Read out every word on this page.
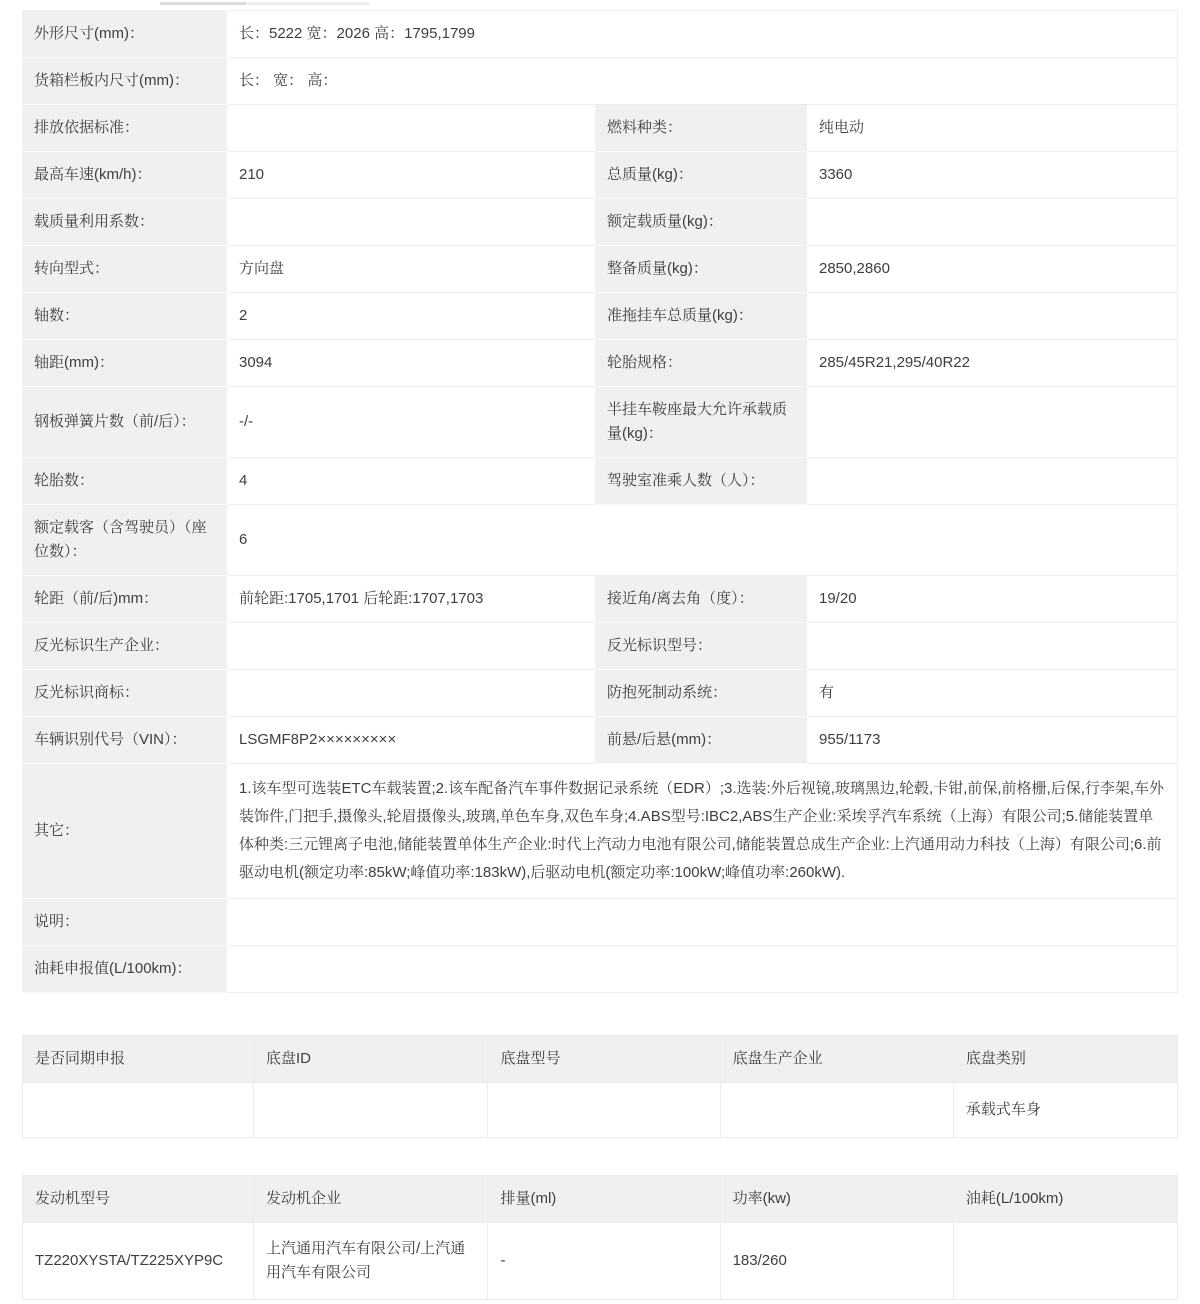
外形尺寸(mm)：	长：5222 宽：2026 高：1795,1799		
货箱栏板内尺寸(mm)：	长： 宽： 高：		
排放依据标准：		燃料种类：	纯电动
最高车速(km/h)：	210	总质量(kg)：	3360
载质量利用系数：		额定载质量(kg)：	
转向型式：	方向盘	整备质量(kg)：	2850,2860
轴数：	2	准拖挂车总质量(kg)：	
轴距(mm)：	3094	轮胎规格：	285/45R21,295/40R22
钢板弹簧片数（前/后）：	-/-	半挂车鞍座最大允许承载质量(kg)：	
轮胎数：	4	驾驶室准乘人数（人）：	
额定载客（含驾驶员）（座位数）：	6		
轮距（前/后)mm：	前轮距:1705,1701 后轮距:1707,1703	接近角/离去角（度）：	19/20
反光标识生产企业：		反光标识型号：	
反光标识商标：		防抱死制动系统：	有
车辆识别代号（VIN）：	LSGMF8P2×××××××××	前悬/后悬(mm)：	955/1173
其它：	1.该车型可选装ETC车载装置;2.该车配备汽车事件数据记录系统（EDR）;3.选装:外后视镜,玻璃黑边,轮毂,卡钳,前保,前格栅,后保,行李架,车外装饰件,门把手,摄像头,轮眉摄像头,玻璃,单色车身,双色车身;4.ABS型号:IBC2,ABS生产企业:采埃孚汽车系统（上海）有限公司;5.储能装置单体种类:三元锂离子电池,储能装置单体生产企业:时代上汽动力电池有限公司,储能装置总成生产企业:上汽通用动力科技（上海）有限公司;6.前驱动电机(额定功率:85kW;峰值功率:183kW),后驱动电机(额定功率:100kW;峰值功率:260kW).		
说明：			
油耗申报值(L/100km)：			
是否同期申报	底盘ID	底盘型号	底盘生产企业	底盘类别
				承载式车身
发动机型号	发动机企业	排量(ml)	功率(kw)	油耗(L/100km)
TZ220XYSTA/TZ225XYP9C	上汽通用汽车有限公司/上汽通用汽车有限公司	-	183/260	
